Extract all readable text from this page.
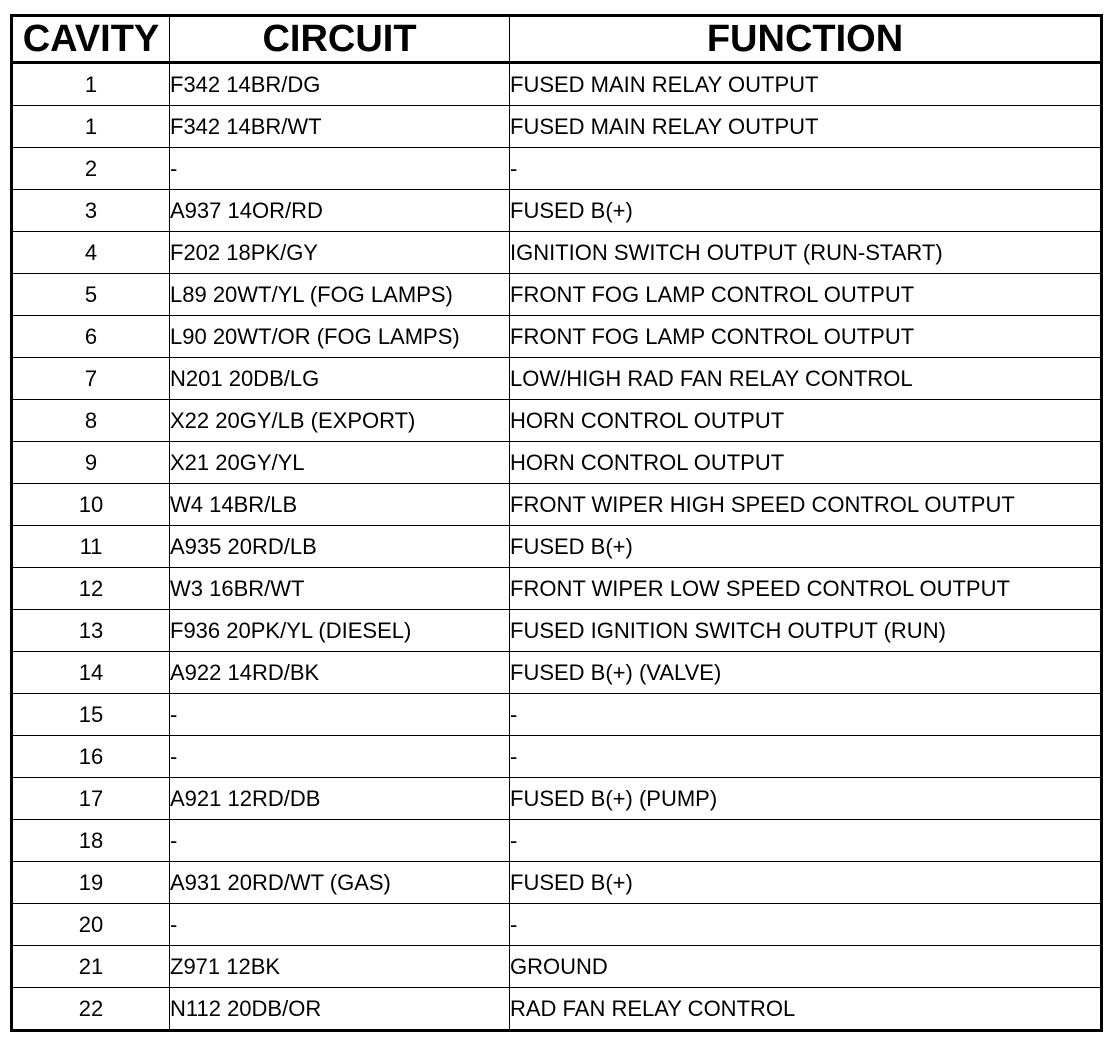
CAVITY	CIRCUIT	FUNCTION
1	F342 14BR/DG	FUSED MAIN RELAY OUTPUT
1	F342 14BR/WT	FUSED MAIN RELAY OUTPUT
2	-	-
3	A937 14OR/RD	FUSED B(+)
4	F202 18PK/GY	IGNITION SWITCH OUTPUT (RUN-START)
5	L89 20WT/YL (FOG LAMPS)	FRONT FOG LAMP CONTROL OUTPUT
6	L90 20WT/OR (FOG LAMPS)	FRONT FOG LAMP CONTROL OUTPUT
7	N201 20DB/LG	LOW/HIGH RAD FAN RELAY CONTROL
8	X22 20GY/LB (EXPORT)	HORN CONTROL OUTPUT
9	X21 20GY/YL	HORN CONTROL OUTPUT
10	W4 14BR/LB	FRONT WIPER HIGH SPEED CONTROL OUTPUT
11	A935 20RD/LB	FUSED B(+)
12	W3 16BR/WT	FRONT WIPER LOW SPEED CONTROL OUTPUT
13	F936 20PK/YL (DIESEL)	FUSED IGNITION SWITCH OUTPUT (RUN)
14	A922 14RD/BK	FUSED B(+) (VALVE)
15	-	-
16	-	-
17	A921 12RD/DB	FUSED B(+) (PUMP)
18	-	-
19	A931 20RD/WT (GAS)	FUSED B(+)
20	-	-
21	Z971 12BK	GROUND
22	N112 20DB/OR	RAD FAN RELAY CONTROL
